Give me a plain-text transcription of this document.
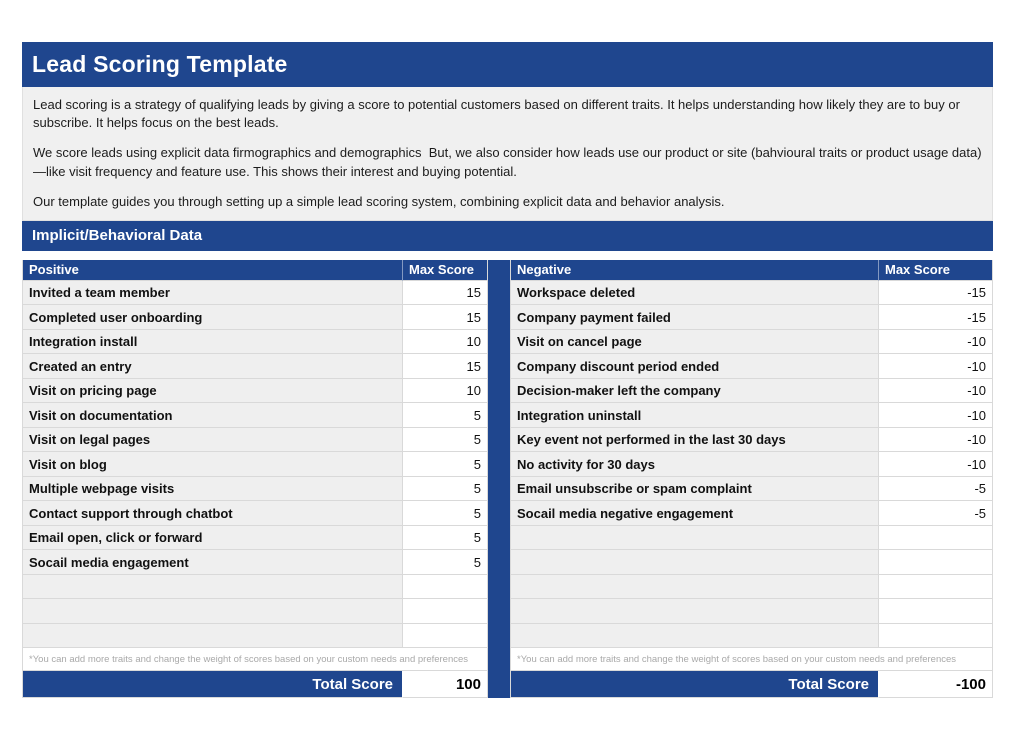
Lead Scoring Template

Lead scoring is a strategy of qualifying leads by giving a score to potential customers based on different traits. It helps understanding how likely they are to buy or subscribe. It helps focus on the best leads.

We score leads using explicit data firmographics and demographics  But, we also consider how leads use our product or site (bahvioural traits or product usage data)—like visit frequency and feature use. This shows their interest and buying potential.

Our template guides you through setting up a simple lead scoring system, combining explicit data and behavior analysis.

Implicit/Behavioral Data
Positive	Max Score
Invited a team member	15
Completed user onboarding	15
Integration install	10
Created an entry	15
Visit on pricing page	10
Visit on documentation	5
Visit on legal pages	5
Visit on blog	5
Multiple webpage visits	5
Contact support through chatbot	5
Email open, click or forward	5
Socail media engagement	5
*You can add more traits and change the weight of scores based on your custom needs and preferences
Total Score	100
Negative	Max Score
Workspace deleted	-15
Company payment failed	-15
Visit on cancel page	-10
Company discount period ended	-10
Decision-maker left the company	-10
Integration uninstall	-10
Key event not performed in the last 30 days	-10
No activity for 30 days	-10
Email unsubscribe or spam complaint	-5
Socail media negative engagement	-5
*You can add more traits and change the weight of scores based on your custom needs and preferences
Total Score	-100
